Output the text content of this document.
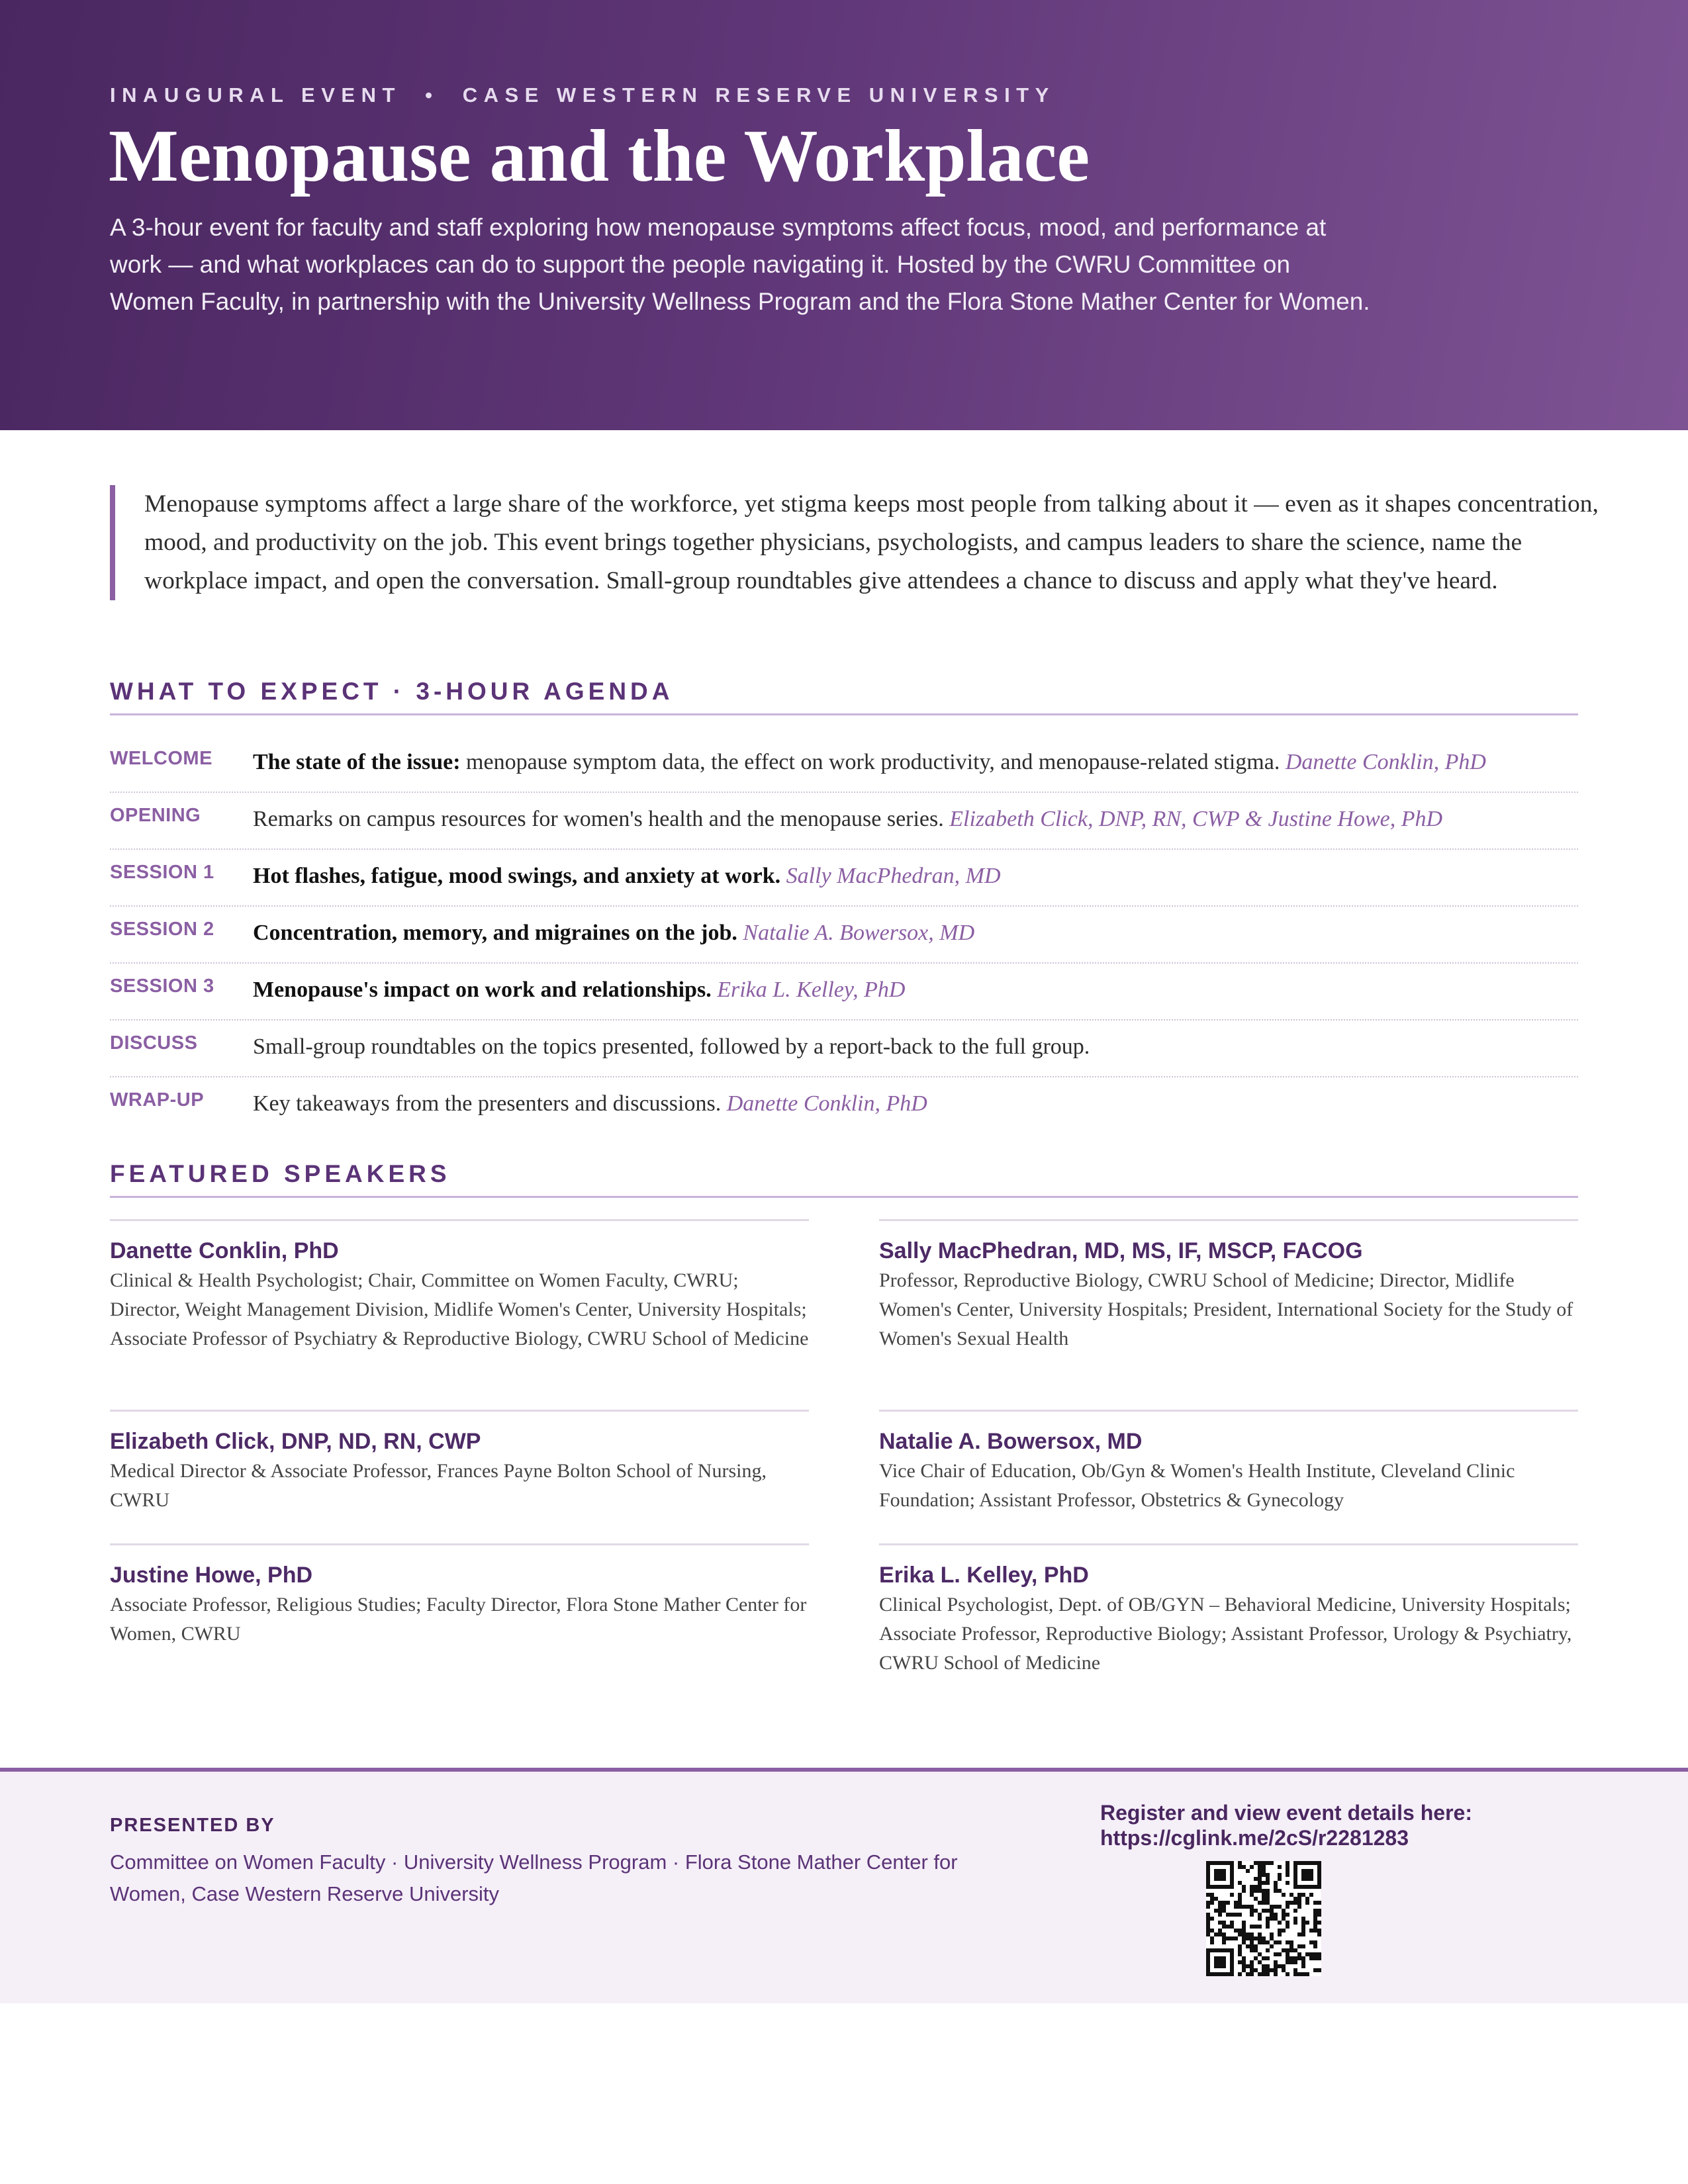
INAUGURAL EVENT  •  CASE WESTERN RESERVE UNIVERSITY
Menopause and the Workplace
A 3-hour event for faculty and staff exploring how menopause symptoms affect focus, mood, and performance at work — and what workplaces can do to support the people navigating it. Hosted by the CWRU Committee on Women Faculty, in partnership with the University Wellness Program and the Flora Stone Mather Center for Women.

Menopause symptoms affect a large share of the workforce, yet stigma keeps most people from talking about it — even as it shapes concentration, mood, and productivity on the job. This event brings together physicians, psychologists, and campus leaders to share the science, name the workplace impact, and open the conversation. Small-group roundtables give attendees a chance to discuss and apply what they've heard.

WHAT TO EXPECT · 3-HOUR AGENDA
WELCOME The state of the issue: menopause symptom data, the effect on work productivity, and menopause-related stigma. Danette Conklin, PhD
OPENING Remarks on campus resources for women's health and the menopause series. Elizabeth Click, DNP, RN, CWP & Justine Howe, PhD
SESSION 1 Hot flashes, fatigue, mood swings, and anxiety at work. Sally MacPhedran, MD
SESSION 2 Concentration, memory, and migraines on the job. Natalie A. Bowersox, MD
SESSION 3 Menopause's impact on work and relationships. Erika L. Kelley, PhD
DISCUSS Small-group roundtables on the topics presented, followed by a report-back to the full group.
WRAP-UP Key takeaways from the presenters and discussions. Danette Conklin, PhD
FEATURED SPEAKERS
Danette Conklin, PhD
Clinical & Health Psychologist; Chair, Committee on Women Faculty, CWRU; Director, Weight Management Division, Midlife Women's Center, University Hospitals; Associate Professor of Psychiatry & Reproductive Biology, CWRU School of Medicine
Sally MacPhedran, MD, MS, IF, MSCP, FACOG
Professor, Reproductive Biology, CWRU School of Medicine; Director, Midlife Women's Center, University Hospitals; President, International Society for the Study of Women's Sexual Health
Elizabeth Click, DNP, ND, RN, CWP
Medical Director & Associate Professor, Frances Payne Bolton School of Nursing, CWRU
Natalie A. Bowersox, MD
Vice Chair of Education, Ob/Gyn & Women's Health Institute, Cleveland Clinic Foundation; Assistant Professor, Obstetrics & Gynecology
Justine Howe, PhD
Associate Professor, Religious Studies; Faculty Director, Flora Stone Mather Center for Women, CWRU
Erika L. Kelley, PhD
Clinical Psychologist, Dept. of OB/GYN – Behavioral Medicine, University Hospitals; Associate Professor, Reproductive Biology; Assistant Professor, Urology & Psychiatry, CWRU School of Medicine
PRESENTED BY
Committee on Women Faculty · University Wellness Program · Flora Stone Mather Center for Women, Case Western Reserve University
Register and view event details here:
https://cglink.me/2cS/r2281283
